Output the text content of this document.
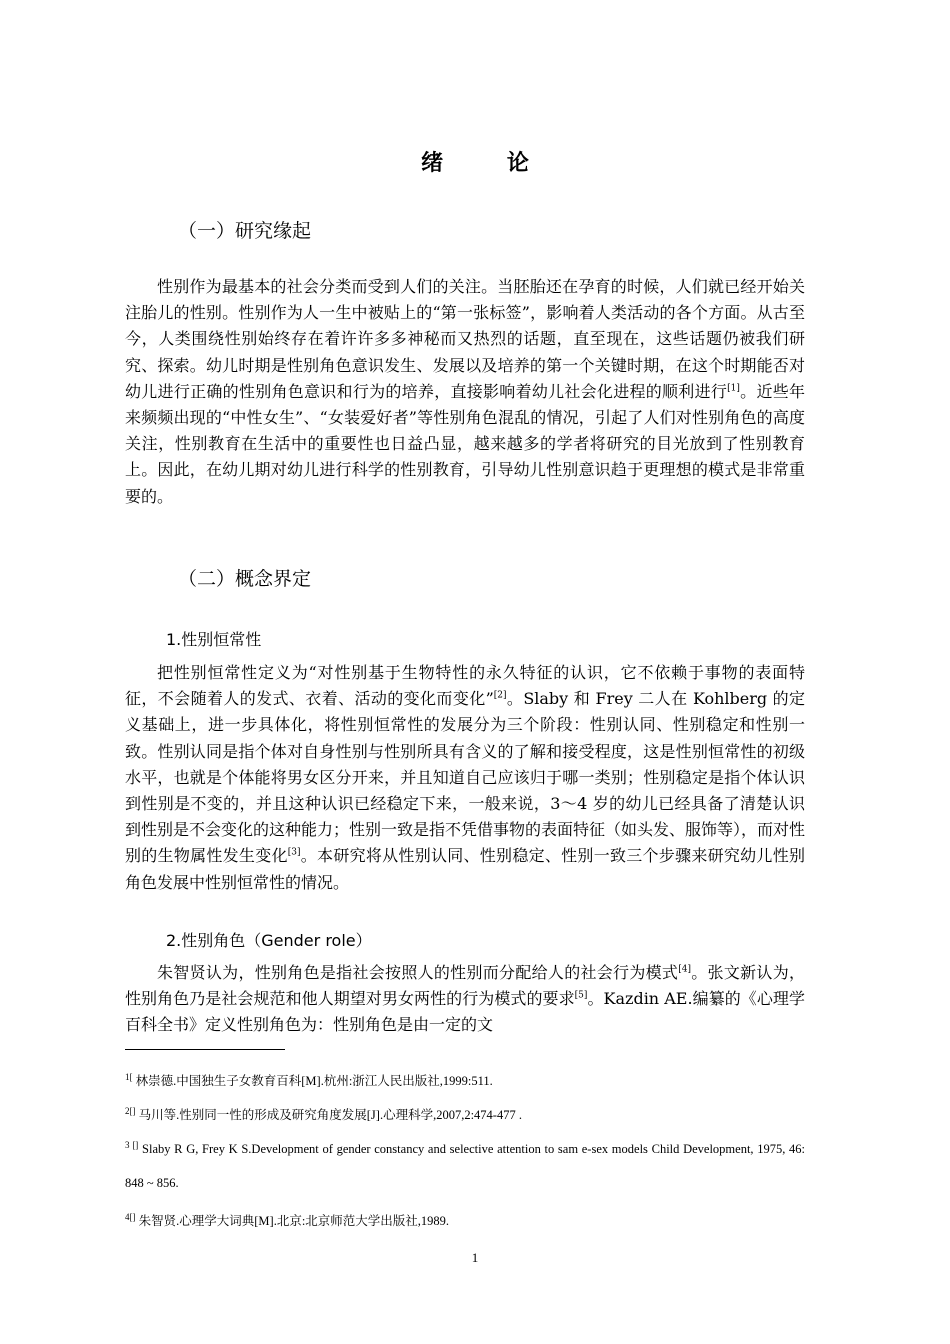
绪 论
（一）研究缘起

性别作为最基本的社会分类而受到人们的关注。当胚胎还在孕育的时候，人们就已经开始关注胎儿的性别。性别作为人一生中被贴上的“第一张标签”，影响着人类活动的各个方面。从古至今，人类围绕性别始终存在着许许多多神秘而又热烈的话题，直至现在，这些话题仍被我们研究、探索。幼儿时期是性别角色意识发生、发展以及培养的第一个关键时期，在这个时期能否对幼儿进行正确的性别角色意识和行为的培养，直接影响着幼儿社会化进程的顺利进行[1]。近些年来频频出现的“中性女生”、“女装爱好者”等性别角色混乱的情况，引起了人们对性别角色的高度关注，性别教育在生活中的重要性也日益凸显，越来越多的学者将研究的目光放到了性别教育上。因此，在幼儿期对幼儿进行科学的性别教育，引导幼儿性别意识趋于更理想的模式是非常重要的。

（二）概念界定
1.性别恒常性

把性别恒常性定义为“对性别基于生物特性的永久特征的认识，它不依赖于事物的表面特征，不会随着人的发式、衣着、活动的变化而变化”[2]。Slaby 和 Frey 二人在 Kohlberg 的定义基础上，进一步具体化，将性别恒常性的发展分为三个阶段：性别认同、性别稳定和性别一致。性别认同是指个体对自身性别与性别所具有含义的了解和接受程度，这是性别恒常性的初级水平，也就是个体能将男女区分开来，并且知道自己应该归于哪一类别；性别稳定是指个体认识到性别是不变的，并且这种认识已经稳定下来，一般来说，3～4 岁的幼儿已经具备了清楚认识到性别是不会变化的这种能力；性别一致是指不凭借事物的表面特征（如头发、服饰等），而对性别的生物属性发生变化[3]。本研究将从性别认同、性别稳定、性别一致三个步骤来研究幼儿性别角色发展中性别恒常性的情况。

2.性别角色（Gender role）

朱智贤认为，性别角色是指社会按照人的性别而分配给人的社会行为模式[4]。张文新认为，性别角色乃是社会规范和他人期望对男女两性的行为模式的要求[5]。Kazdin AE.编纂的《心理学百科全书》定义性别角色为：性别角色是由一定的文

$^{1[}$ 林崇德.中国独生子女教育百科[M].杭州:浙江人民出版社,1999:511.
$^{2[]}$ 马川等.性别同一性的形成及研究角度发展[J].心理科学,2007,2:474-477 .
$^{3 []}$ Slaby R G, Frey K S.Development of gender constancy and selective attention to sam e-sex models Child Development, 1975, 46: 848 ~ 856.
$^{4[]}$ 朱智贤.心理学大词典[M].北京:北京师范大学出版社,1989.
1
